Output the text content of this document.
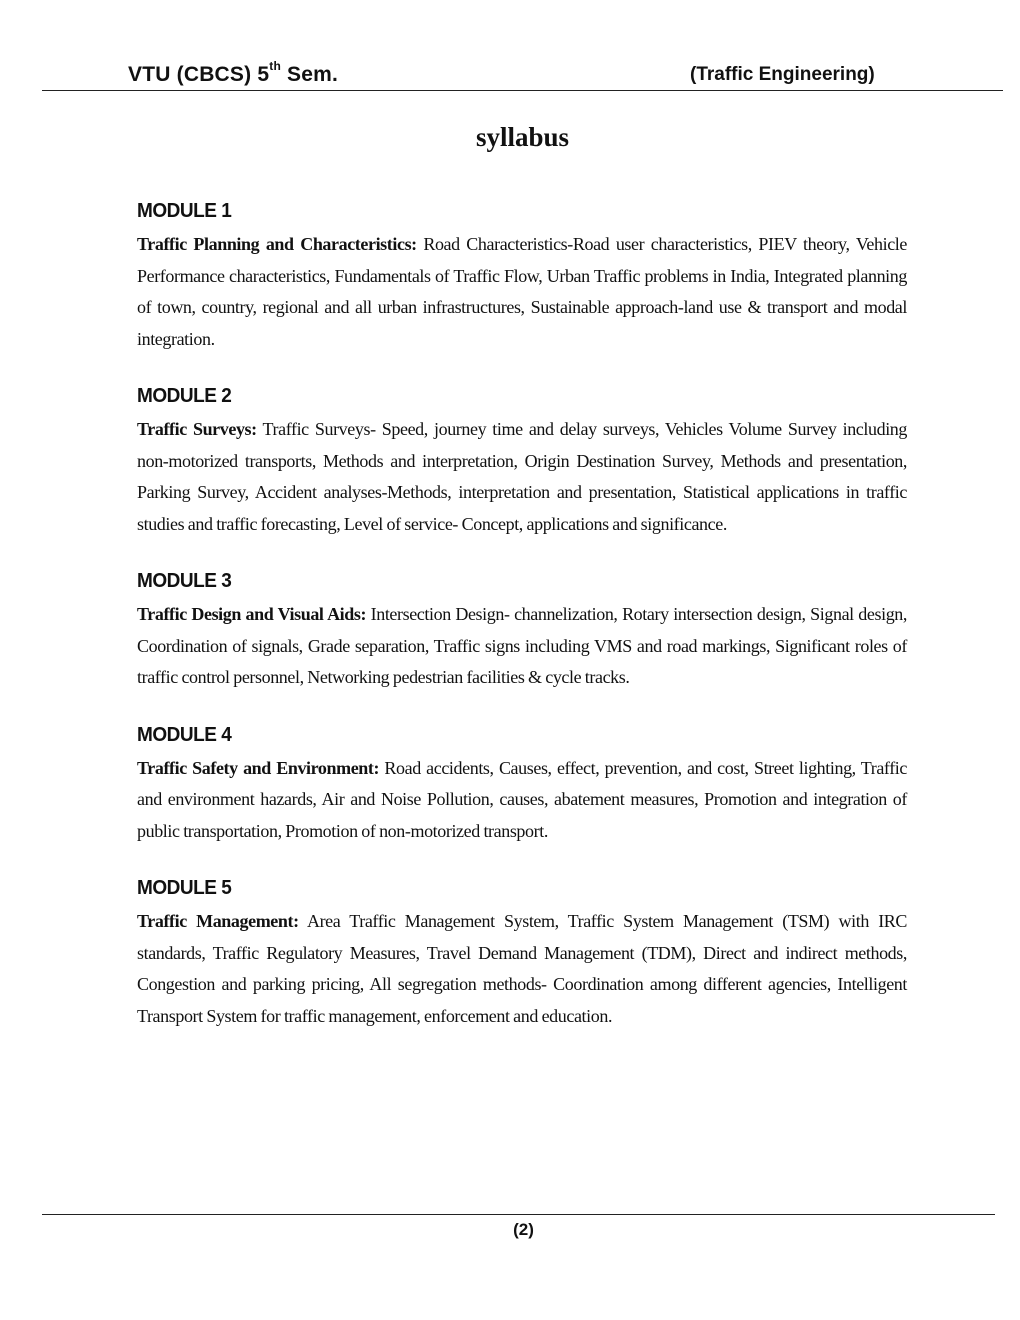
VTU (CBCS) 5th Sem.	(Traffic Engineering)
syllabus
MODULE 1

Traffic Planning and Characteristics: Road Characteristics-Road user characteristics, PIEV theory, Vehicle Performance characteristics, Fundamentals of Traffic Flow, Urban Traffic problems in India, Integrated planning of town, country, regional and all urban infrastructures, Sustainable approach-land use & transport and modal integration.

MODULE 2

Traffic Surveys: Traffic Surveys- Speed, journey time and delay surveys, Vehicles Volume Survey including non-motorized transports, Methods and interpretation, Origin Destination Survey, Methods and presentation, Parking Survey, Accident analyses-Methods, interpretation and presentation, Statistical applications in traffic studies and traffic forecasting, Level of service- Concept, applications and significance.

MODULE 3

Traffic Design and Visual Aids: Intersection Design- channelization, Rotary intersection design, Signal design, Coordination of signals, Grade separation, Traffic signs including VMS and road markings, Significant roles of traffic control personnel, Networking pedestrian facilities & cycle tracks.

MODULE 4

Traffic Safety and Environment: Road accidents, Causes, effect, prevention, and cost, Street lighting, Traffic and environment hazards, Air and Noise Pollution, causes, abatement measures, Promotion and integration of public transportation, Promotion of non-motorized transport.

MODULE 5

Traffic Management: Area Traffic Management System, Traffic System Management (TSM) with IRC standards, Traffic Regulatory Measures, Travel Demand Management (TDM), Direct and indirect methods, Congestion and parking pricing, All segregation methods- Coordination among different agencies, Intelligent Transport System for traffic management, enforcement and education.

(2)
